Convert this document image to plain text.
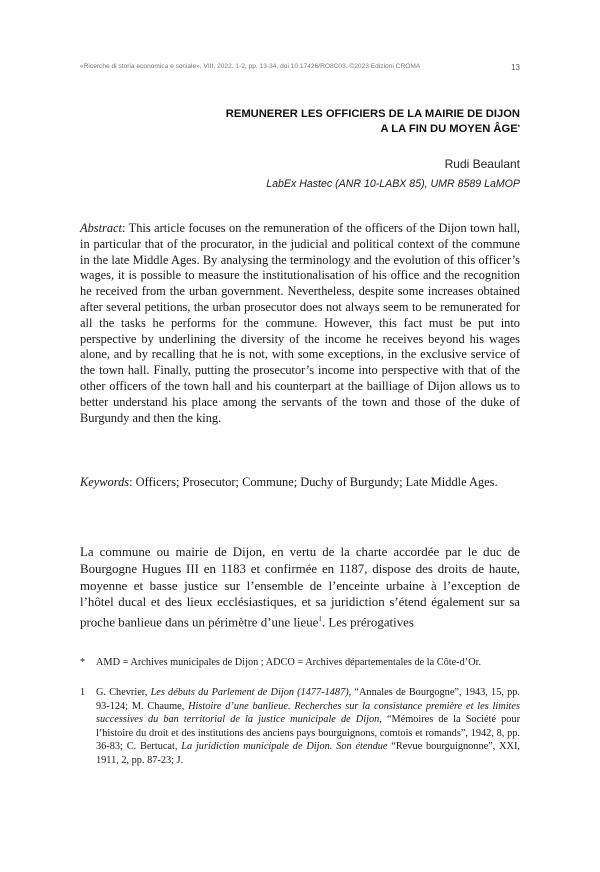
«Ricerche di storia economica e sociale», VIII, 2022, 1-2, pp. 13-34, doi 10.17426/RO8C03, ©2023 Edizioni CROMA	13
REMUNERER LES OFFICIERS DE LA MAIRIE DE DIJON
A LA FIN DU MOYEN ÂGE*
Rudi Beaulant
LabEx Hastec (ANR 10-LABX 85), UMR 8589 LaMOP

Abstract: This article focuses on the remuneration of the officers of the Dijon town hall, in particular that of the procurator, in the judicial and political context of the commune in the late Middle Ages. By analysing the terminology and the evolution of this officer’s wages, it is possible to measure the institutionalisation of his office and the recognition he received from the urban government. Nevertheless, despite some increases obtained after several petitions, the urban prosecutor does not always seem to be remunerated for all the tasks he performs for the commune. However, this fact must be put into perspective by underlining the diversity of the income he receives beyond his wages alone, and by recalling that he is not, with some exceptions, in the exclusive service of the town hall. Finally, putting the prosecutor’s income into perspective with that of the other officers of the town hall and his counterpart at the bailliage of Dijon allows us to better understand his place among the servants of the town and those of the duke of Burgundy and then the king.

Keywords: Officers; Prosecutor; Commune; Duchy of Burgundy; Late Middle Ages.

La commune ou mairie de Dijon, en vertu de la charte accordée par le duc de Bourgogne Hugues III en 1183 et confirmée en 1187, dispose des droits de haute, moyenne et basse justice sur l’ensemble de l’enceinte urbaine à l’exception de l’hôtel ducal et des lieux ecclésiastiques, et sa juridiction s’étend également sur sa proche banlieue dans un périmètre d’une lieue$^1$. Les prérogatives

*	AMD = Archives municipales de Dijon ; ADCO = Archives départementales de la Côte-d’Or.
1	G. Chevrier, Les débuts du Parlement de Dijon (1477-1487), “Annales de Bourgogne”, 1943, 15, pp. 93-124; M. Chaume, Histoire d’une banlieue. Recherches sur la consistance première et les limites successives du ban territorial de la justice municipale de Dijon, “Mémoires de la Société pour l’histoire du droit et des institutions des anciens pays bourguignons, comtois et romands”, 1942, 8, pp. 36-83; C. Bertucat, La juridiction municipale de Dijon. Son étendue “Revue bourguignonne”, XXI, 1911, 2, pp. 87-23; J.
